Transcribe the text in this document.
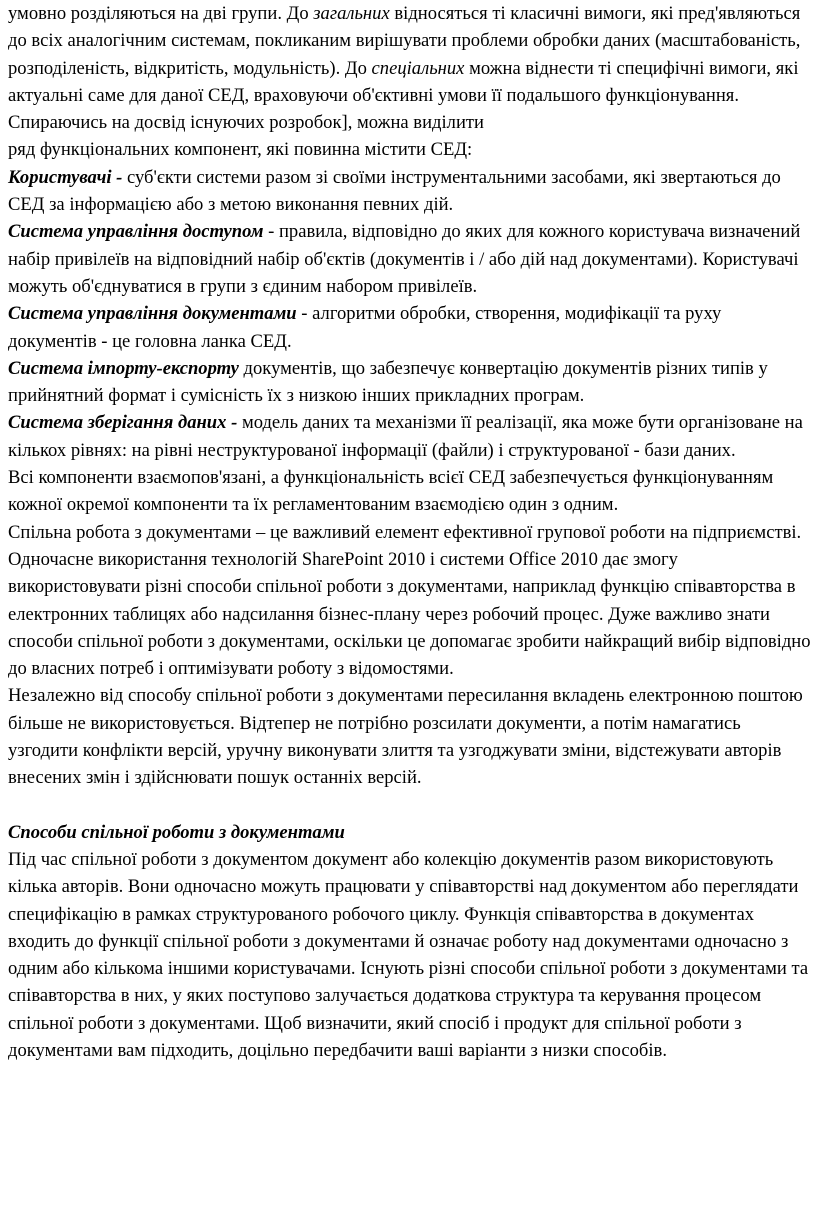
умовно розділяються на дві групи. До загальних відносяться ті класичні вимоги, які пред'являються до всіх аналогічним системам, покликаним вирішувати проблеми обробки даних (масштабованість, розподіленість, відкритість, модульність). До спеціальних можна віднести ті специфічні вимоги, які актуальні саме для даної СЕД, враховуючи об'єктивні умови її подальшого функціонування.

Спираючись на досвід існуючих розробок], можна виділити

ряд функціональних компонент, які повинна містити СЕД:

Користувачі - суб'єкти системи разом зі своїми інструментальними засобами, які звертаються до СЕД за інформацією або з метою виконання певних дій.

Система управління доступом - правила, відповідно до яких для кожного користувача визначений набір привілеїв на відповідний набір об'єктів (документів і / або дій над документами). Користувачі можуть об'єднуватися в групи з єдиним набором привілеїв.

Система управління документами - алгоритми обробки, створення, модифікації та руху документів - це головна ланка СЕД.

Система імпорту-експорту документів, що забезпечує конвертацію документів різних типів у прийнятний формат і сумісність їх з низкою інших прикладних програм.

Система зберігання даних - модель даних та механізми її реалізації, яка може бути організоване на кількох рівнях: на рівні неструктурованої інформації (файли) і структурованої - бази даних.

Всі компоненти взаємопов'язані, а функціональність всієї СЕД забезпечується функціонуванням кожної окремої компоненти та їх регламентованим взаємодією один з одним.

Спільна робота з документами – це важливий елемент ефективної групової роботи на підприємстві. Одночасне використання технологій SharePoint 2010 і системи Office 2010 дає змогу використовувати різні способи спільної роботи з документами, наприклад функцію співавторства в електронних таблицях або надсилання бізнес-плану через робочий процес. Дуже важливо знати способи спільної роботи з документами, оскільки це допомагає зробити найкращий вибір відповідно до власних потреб і оптимізувати роботу з відомостями.

Незалежно від способу спільної роботи з документами пересилання вкладень електронною поштою більше не використовується. Відтепер не потрібно розсилати документи, а потім намагатись узгодити конфлікти версій, уручну виконувати злиття та узгоджувати зміни, відстежувати авторів внесених змін і здійснювати пошук останніх версій.

Способи спільної роботи з документами

Під час спільної роботи з документом документ або колекцію документів разом використовують кілька авторів. Вони одночасно можуть працювати у співавторстві над документом або переглядати специфікацію в рамках структурованого робочого циклу. Функція співавторства в документах входить до функції спільної роботи з документами й означає роботу над документами одночасно з одним або кількома іншими користувачами. Існують різні способи спільної роботи з документами та співавторства в них, у яких поступово залучається додаткова структура та керування процесом спільної роботи з документами. Щоб визначити, який спосіб і продукт для спільної роботи з документами вам підходить, доцільно передбачити ваші варіанти з низки способів.
